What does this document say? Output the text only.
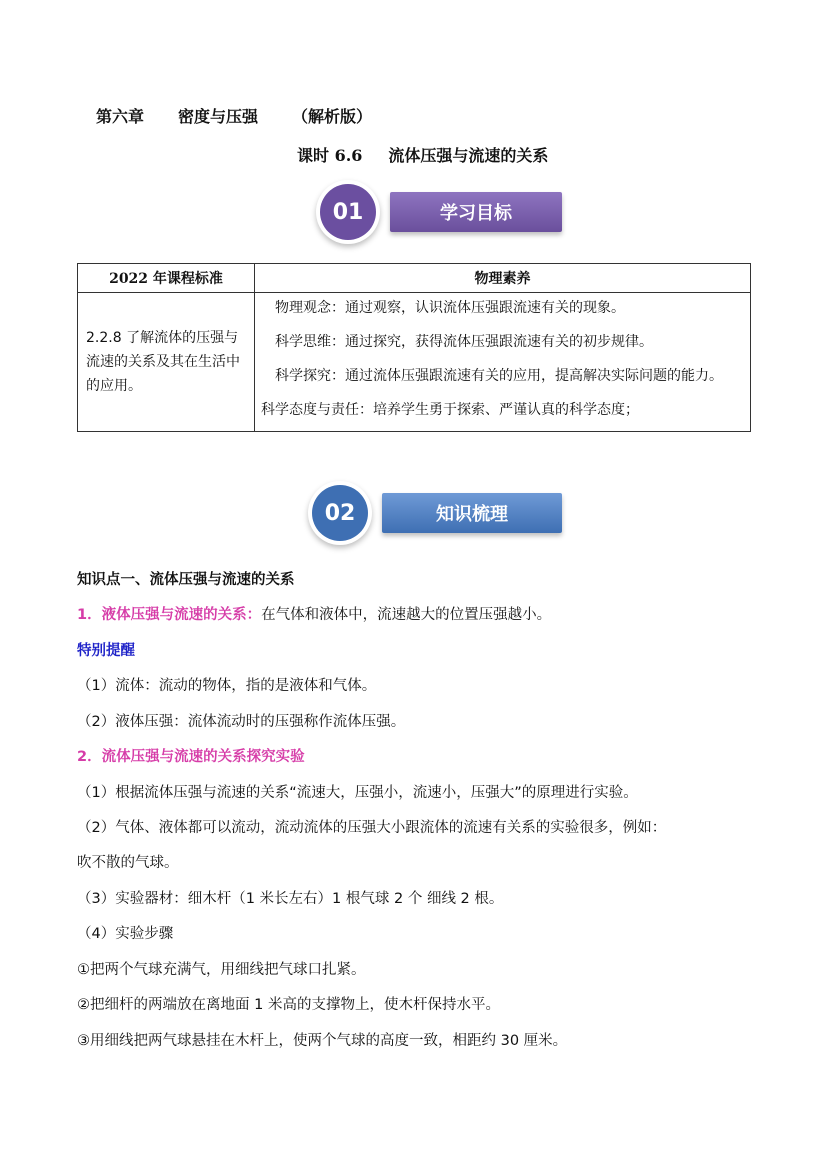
第六章 密度与压强 （解析版）
课时 6.6 流体压强与流速的关系
学习目标
01
2022 年课程标准	物理素养
2.2.8 了解流体的压强与流速的关系及其在生活中的应用。	物理观念：通过观察，认识流体压强跟流速有关的现象。

科学思维：通过探究，获得流体压强跟流速有关的初步规律。

科学探究：通过流体压强跟流速有关的应用，提高解决实际问题的能力。

科学态度与责任：培养学生勇于探索、严谨认真的科学态度；

知识梳理
02
知识点一、流体压强与流速的关系
1．液体压强与流速的关系：在气体和液体中，流速越大的位置压强越小。
特别提醒
（1）流体：流动的物体，指的是液体和气体。
（2）液体压强：流体流动时的压强称作流体压强。
2．流体压强与流速的关系探究实验
（1）根据流体压强与流速的关系“流速大，压强小，流速小，压强大”的原理进行实验。
（2）气体、液体都可以流动，流动流体的压强大小跟流体的流速有关系的实验很多，例如：
吹不散的气球。
（3）实验器材：细木杆（1 米长左右）1 根气球 2 个 细线 2 根。
（4）实验步骤
①把两个气球充满气，用细线把气球口扎紧。
②把细杆的两端放在离地面 1 米高的支撑物上，使木杆保持水平。
③用细线把两气球悬挂在木杆上，使两个气球的高度一致，相距约 30 厘米。
